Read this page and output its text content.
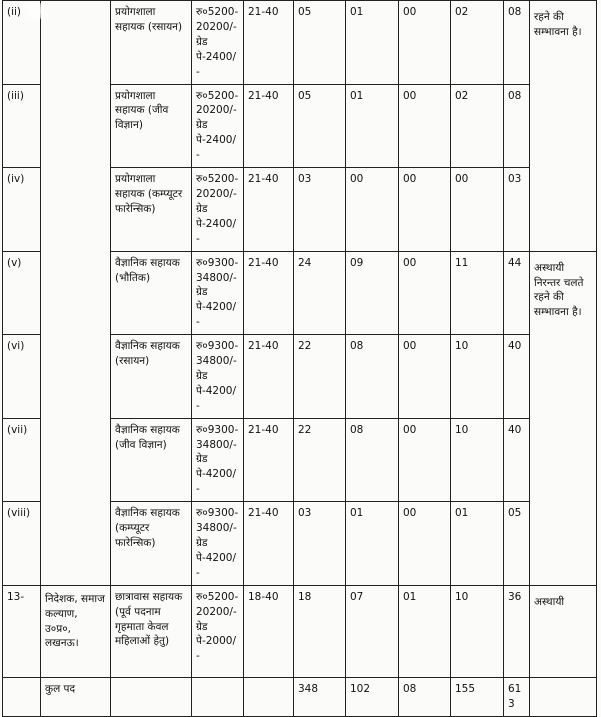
(ii)		प्रयोगशाला सहायक (रसायन)	रु०5200-20200/- ग्रेड पे-2400/-	21-40	05	01	00	02	08	रहने की सम्भावना है।
(iii)		प्रयोगशाला सहायक (जीव विज्ञान)	रु०5200-20200/- ग्रेड पे-2400/-	21-40	05	01	00	02	08	
(iv)		प्रयोगशाला सहायक (कम्प्यूटर फारेन्सिक)	रु०5200-20200/- ग्रेड पे-2400/-	21-40	03	00	00	00	03	
(v)		वैज्ञानिक सहायक (भौतिक)	रु०9300-34800/- ग्रेड पे-4200/-	21-40	24	09	00	11	44	अस्थायी निरन्तर चलते रहने की सम्भावना है।
(vi)		वैज्ञानिक सहायक (रसायन)	रु०9300-34800/- ग्रेड पे-4200/-	21-40	22	08	00	10	40	
(vii)		वैज्ञानिक सहायक (जीव विज्ञान)	रु०9300-34800/- ग्रेड पे-4200/-	21-40	22	08	00	10	40	
(viii)		वैज्ञानिक सहायक (कम्प्यूटर फारेन्सिक)	रु०9300-34800/- ग्रेड पे-4200/-	21-40	03	01	00	01	05	
13-	निदेशक, समाज कल्याण, उ०प्र०, लखनऊ।	छात्रावास सहायक (पूर्व पदनाम गृहमाता केवल महिलाओं हेतु)	रु०5200-20200/- ग्रेड पे-2000/-	18-40	18	07	01	10	36	अस्थायी
	कुल पद				348	102	08	155	613	
